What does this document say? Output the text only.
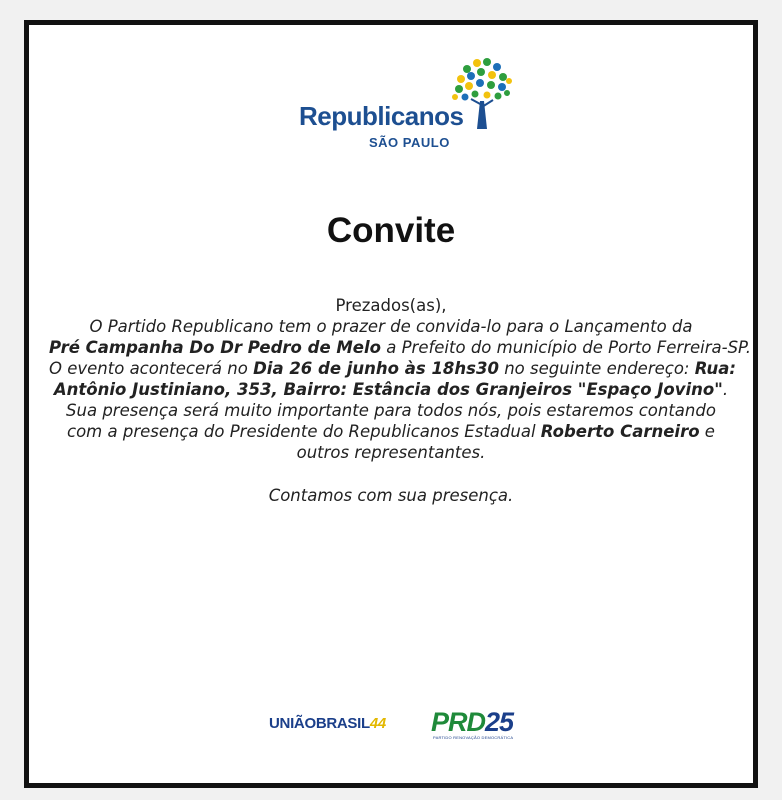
Republicanos
SÃO PAULO
Convite
Prezados(as),
O Partido Republicano tem o prazer de convida-lo para o Lançamento da
Pré Campanha Do Dr Pedro de Melo a Prefeito do município de Porto Ferreira-SP.
O evento acontecerá no Dia 26 de junho às 18hs30 no seguinte endereço: Rua:
Antônio Justiniano, 353, Bairro: Estância dos Granjeiros "Espaço Jovino".
Sua presença será muito importante para todos nós, pois estaremos contando
com a presença do Presidente do Republicanos Estadual Roberto Carneiro e
outros representantes.
Contamos com sua presença.
UNIÃOBRASIL44 PRD25
PARTIDO RENOVAÇÃO DEMOCRÁTICA
